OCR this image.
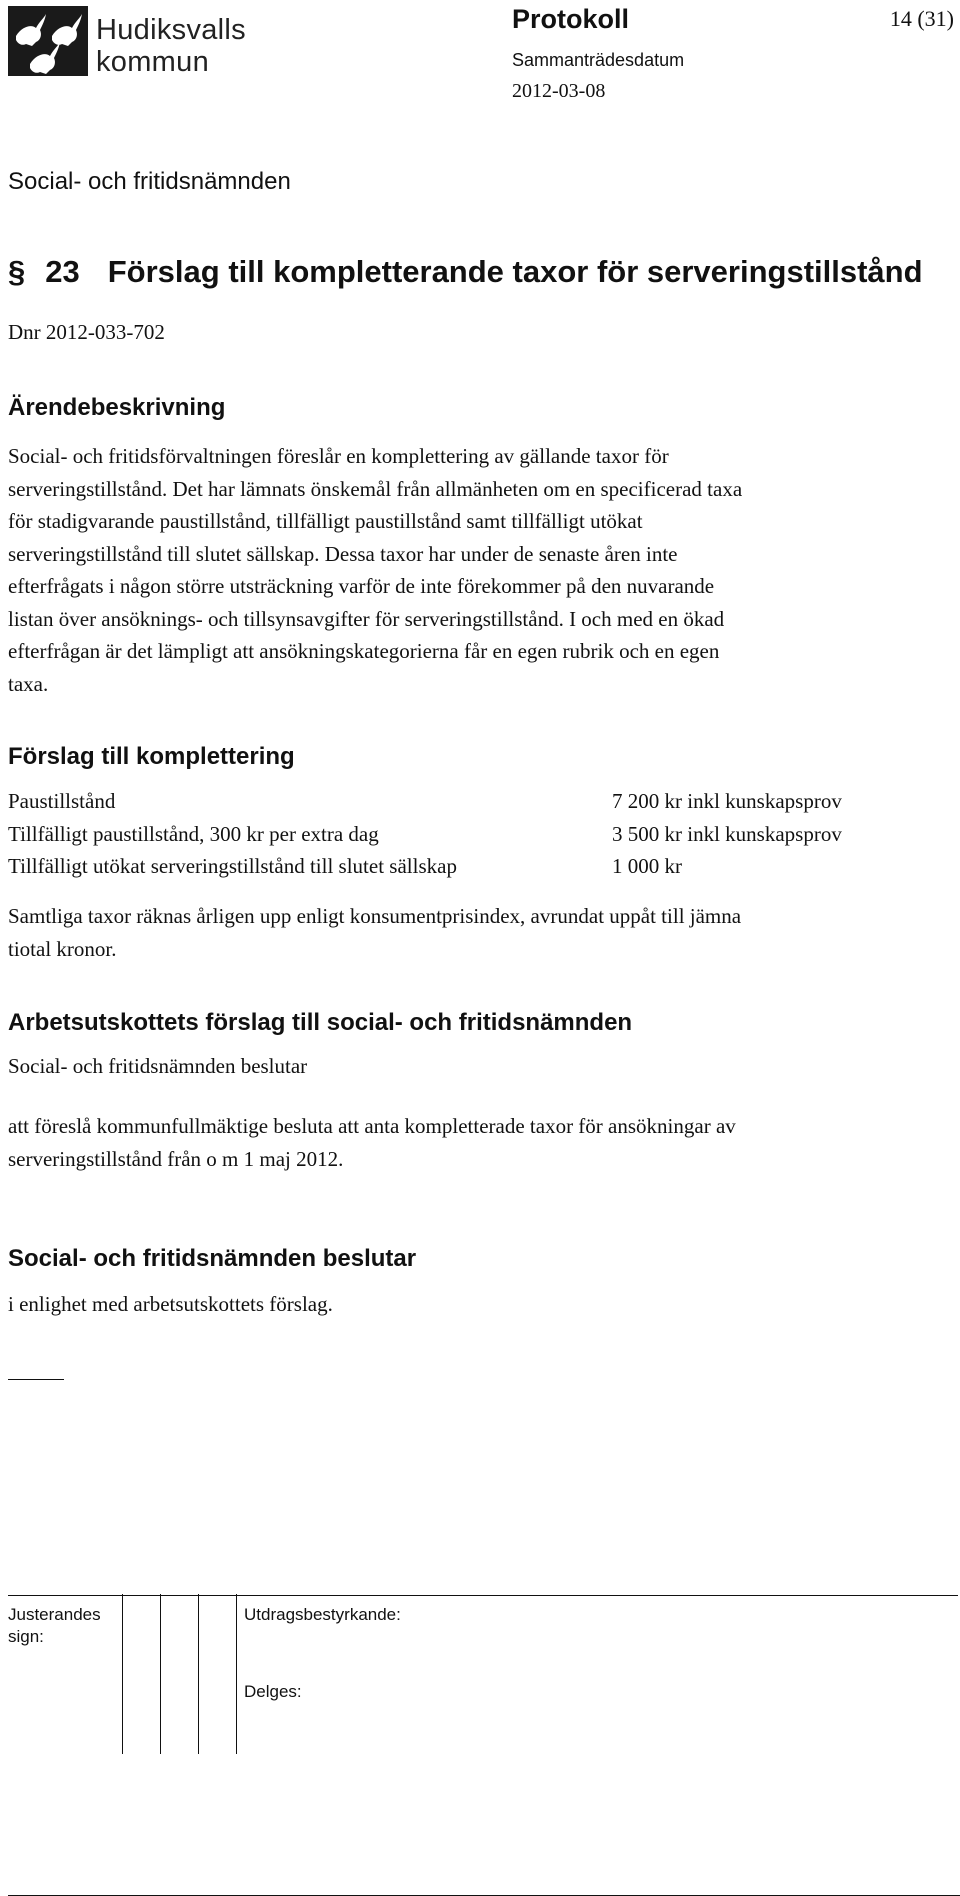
Hudiksvalls
kommun
Protokoll	14 (31)
Sammanträdesdatum
2012-03-08
Social- och fritidsnämnden
§ 23 Förslag till kompletterande taxor för serveringstillstånd
Dnr 2012-033-702
Ärendebeskrivning
Social- och fritidsförvaltningen föreslår en komplettering av gällande taxor för
serveringstillstånd. Det har lämnats önskemål från allmänheten om en specificerad taxa
för stadigvarande paustillstånd, tillfälligt paustillstånd samt tillfälligt utökat
serveringstillstånd till slutet sällskap. Dessa taxor har under de senaste åren inte
efterfrågats i någon större utsträckning varför de inte förekommer på den nuvarande
listan över ansöknings- och tillsynsavgifter för serveringstillstånd. I och med en ökad
efterfrågan är det lämpligt att ansökningskategorierna får en egen rubrik och en egen
taxa.
Förslag till komplettering
Paustillstånd	7 200 kr inkl kunskapsprov
Tillfälligt paustillstånd, 300 kr per extra dag	3 500 kr inkl kunskapsprov
Tillfälligt utökat serveringstillstånd till slutet sällskap	1 000 kr
Samtliga taxor räknas årligen upp enligt konsumentprisindex, avrundat uppåt till jämna
tiotal kronor.
Arbetsutskottets förslag till social- och fritidsnämnden
Social- och fritidsnämnden beslutar
att föreslå kommunfullmäktige besluta att anta kompletterade taxor för ansökningar av
serveringstillstånd från o m 1 maj 2012.
Social- och fritidsnämnden beslutar
i enlighet med arbetsutskottets förslag.
Justerandes
sign:
Utdragsbestyrkande:
Delges:
